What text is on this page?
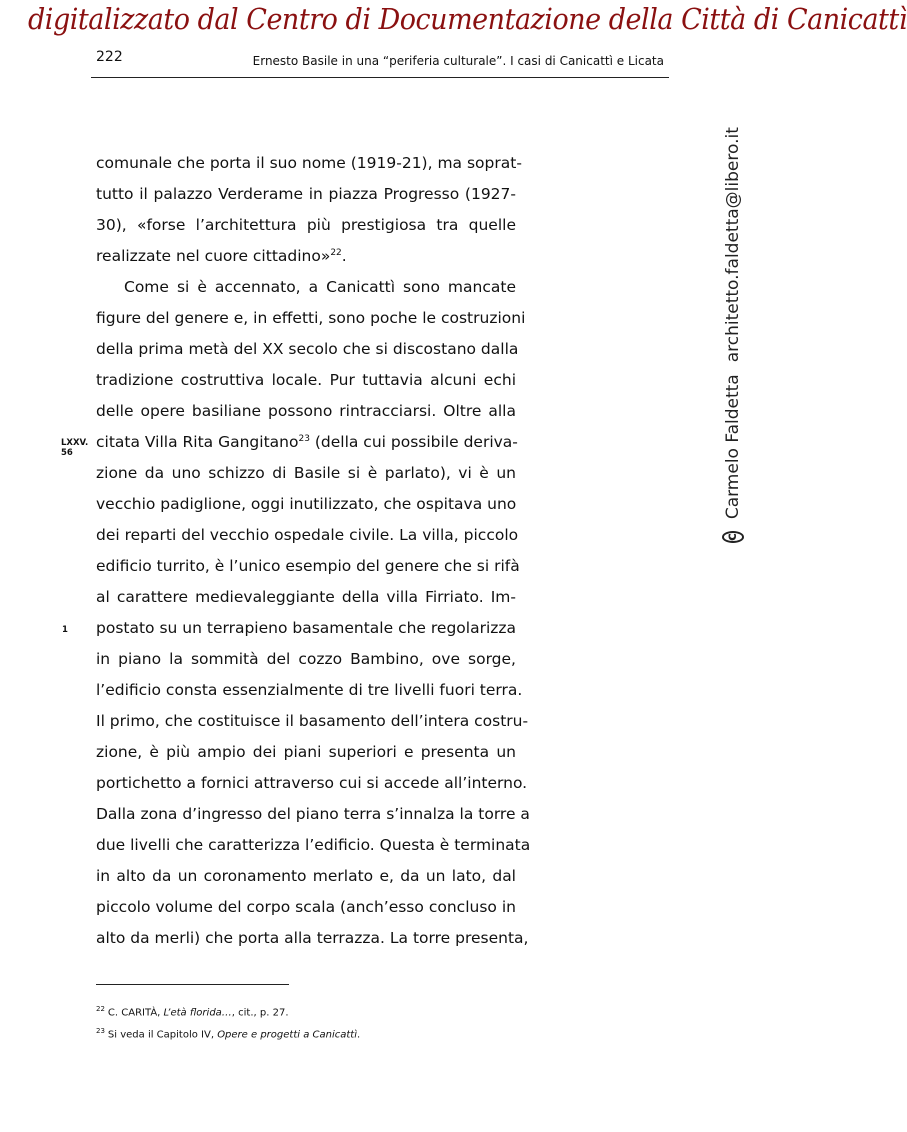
digitalizzato dal Centro di Documentazione della Città di Canicattì
222	Ernesto Basile in una “periferia culturale”. I casi di Canicattì e Licata
comunale che porta il suo nome (1919-21), ma soprat-
tutto il palazzo Verderame in piazza Progresso (1927-
30), «forse l’architettura più prestigiosa tra quelle
realizzate nel cuore cittadino»$^{22}$.
Come si è accennato, a Canicattì sono mancate
figure del genere e, in effetti, sono poche le costruzioni
della prima metà del XX secolo che si discostano dalla
tradizione costruttiva locale. Pur tuttavia alcuni echi
delle opere basiliane possono rintracciarsi. Oltre alla
citata Villa Rita Gangitano$^{23}$ (della cui possibile deriva-
zione da uno schizzo di Basile si è parlato), vi è un
vecchio padiglione, oggi inutilizzato, che ospitava uno
dei reparti del vecchio ospedale civile. La villa, piccolo
edificio turrito, è l’unico esempio del genere che si rifà
al carattere medievaleggiante della villa Firriato. Im-
postato su un terrapieno basamentale che regolarizza
in piano la sommità del cozzo Bambino, ove sorge,
l’edificio consta essenzialmente di tre livelli fuori terra.
Il primo, che costituisce il basamento dell’intera costru-
zione, è più ampio dei piani superiori e presenta un
portichetto a fornici attraverso cui si accede all’interno.
Dalla zona d’ingresso del piano terra s’innalza la torre a
due livelli che caratterizza l’edificio. Questa è terminata
in alto da un coronamento merlato e, da un lato, dal
piccolo volume del corpo scala (anch’esso concluso in
alto da merli) che porta alla terrazza. La torre presenta,
LXXV.
56
1
$^{22}$ C. CARITÀ, L’età florida…, cit., p. 27.
$^{23}$ Si veda il Capitolo IV, Opere e progetti a Canicattì.
c
Carmelo Faldetta
architetto.faldetta@libero.it
